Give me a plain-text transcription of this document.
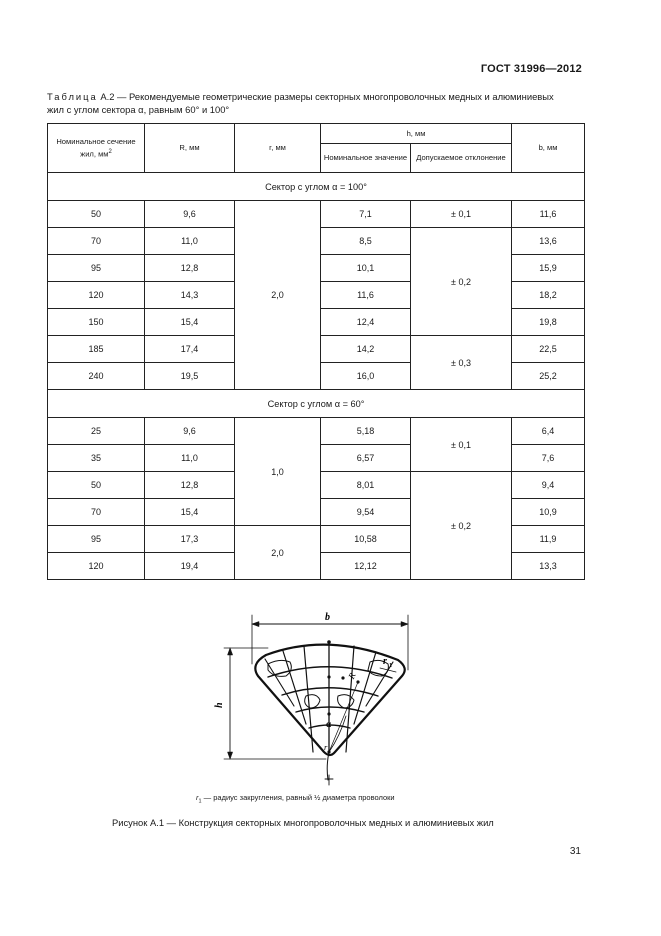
ГОСТ 31996—2012
Таблица А.2 — Рекомендуемые геометрические размеры секторных многопроволочных медных и алюминиевых
жил с углом сектора α, равным 60° и 100°
Номинальное сечение жил, $мм^2$	R, мм	r, мм	h, мм		b, мм
			Номинальное значение	Допускаемое отклонение	
Сектор с углом α = 100°					
50	9,6	2,0	7,1	± 0,1	11,6
70	11,0		8,5	± 0,2	13,6
95	12,8		10,1		15,9
120	14,3		11,6		18,2
150	15,4		12,4		19,8
185	17,4		14,2	± 0,3	22,5
240	19,5		16,0		25,2
Сектор с углом α = 60°					
25	9,6	1,0	5,18	± 0,1	6,4
35	11,0		6,57		7,6
50	12,8		8,01	± 0,2	9,4
70	15,4		9,54		10,9
95	17,3	2,0	10,58		11,9
120	19,4		12,12		13,3
b
h
r 1
R
α
r
$r_1$ — радиус закругления, равный ½ диаметра проволоки
Рисунок А.1 — Конструкция секторных многопроволочных медных и алюминиевых жил
31
